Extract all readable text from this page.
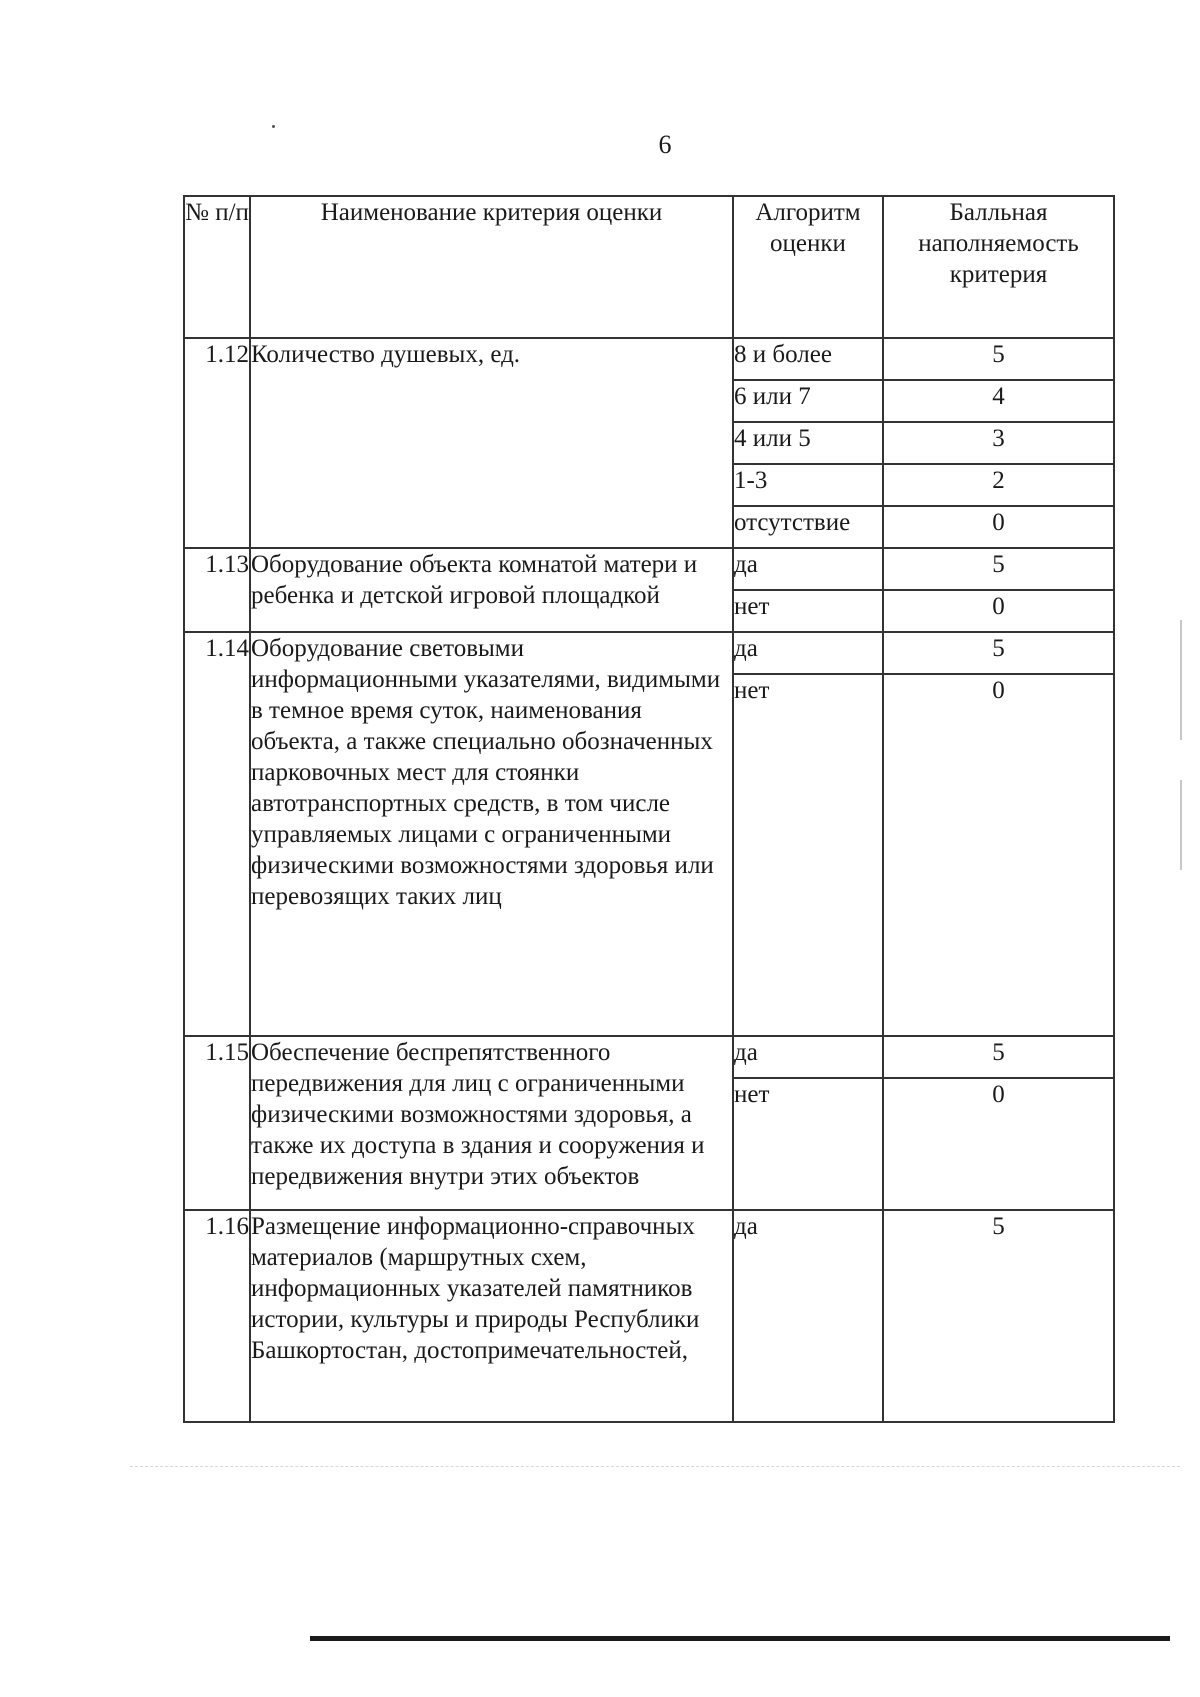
6
№ п/п	Наименование критерия оценки	Алгоритм оценки	Балльная наполняемость критерия
1.12	Количество душевых, ед.	8 и более	5
		6 или 7	4
		4 или 5	3
		1-3	2
		отсутствие	0
1.13	Оборудование объекта комнатой матери и ребенка и детской игровой площадкой	да	5
		нет	0
1.14	Оборудование световыми информационными указателями, видимыми в темное время суток, наименования объекта, а также специально обозначенных парковочных мест для стоянки автотранспортных средств, в том числе управляемых лицами с ограниченными физическими возможностями здоровья или перевозящих таких лиц	да	5
		нет	0
1.15	Обеспечение беспрепятственного передвижения для лиц с ограниченными физическими возможностями здоровья, а также их доступа в здания и сооружения и передвижения внутри этих объектов	да	5
		нет	0
1.16	Размещение информационно-справочных материалов (маршрутных схем, информационных указателей памятников истории, культуры и природы Республики Башкортостан, достопримечательностей,	да	5
